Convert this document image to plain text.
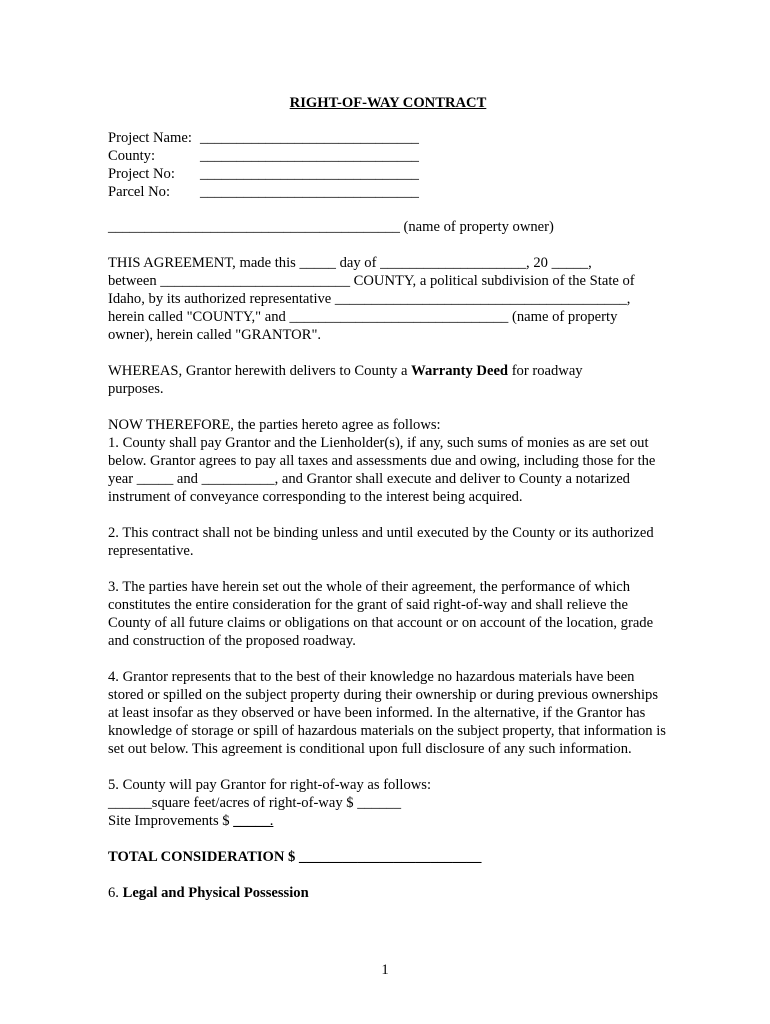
RIGHT-OF-WAY CONTRACT
Project Name: ______________________________
County:	______________________________
Project No:	______________________________
Parcel No:	______________________________

________________________________________ (name of property owner)

THIS AGREEMENT, made this _____ day of ____________________, 20 _____,
between __________________________ COUNTY, a political subdivision of the State of
Idaho, by its authorized representative ________________________________________,
herein called "COUNTY," and ______________________________ (name of property
owner), herein called "GRANTOR".

WHEREAS, Grantor herewith delivers to County a Warranty Deed for roadway purposes.

NOW THEREFORE, the parties hereto agree as follows:
1. County shall pay Grantor and the Lienholder(s), if any, such sums of monies as are set out below. Grantor agrees to pay all taxes and assessments due and owing, including those for the year _____ and __________, and Grantor shall execute and deliver to County a notarized instrument of conveyance corresponding to the interest being acquired.

2. This contract shall not be binding unless and until executed by the County or its authorized representative.

3. The parties have herein set out the whole of their agreement, the performance of which constitutes the entire consideration for the grant of said right-of-way and shall relieve the County of all future claims or obligations on that account or on account of the location, grade and construction of the proposed roadway.

4. Grantor represents that to the best of their knowledge no hazardous materials have been stored or spilled on the subject property during their ownership or during previous ownerships at least insofar as they observed or have been informed. In the alternative, if the Grantor has knowledge of storage or spill of hazardous materials on the subject property, that information is set out below. This agreement is conditional upon full disclosure of any such information.

5. County will pay Grantor for right-of-way as follows:
______square feet/acres of right-of-way $ ______
Site Improvements $ _____.
TOTAL CONSIDERATION $ _________________________
6. Legal and Physical Possession
1
